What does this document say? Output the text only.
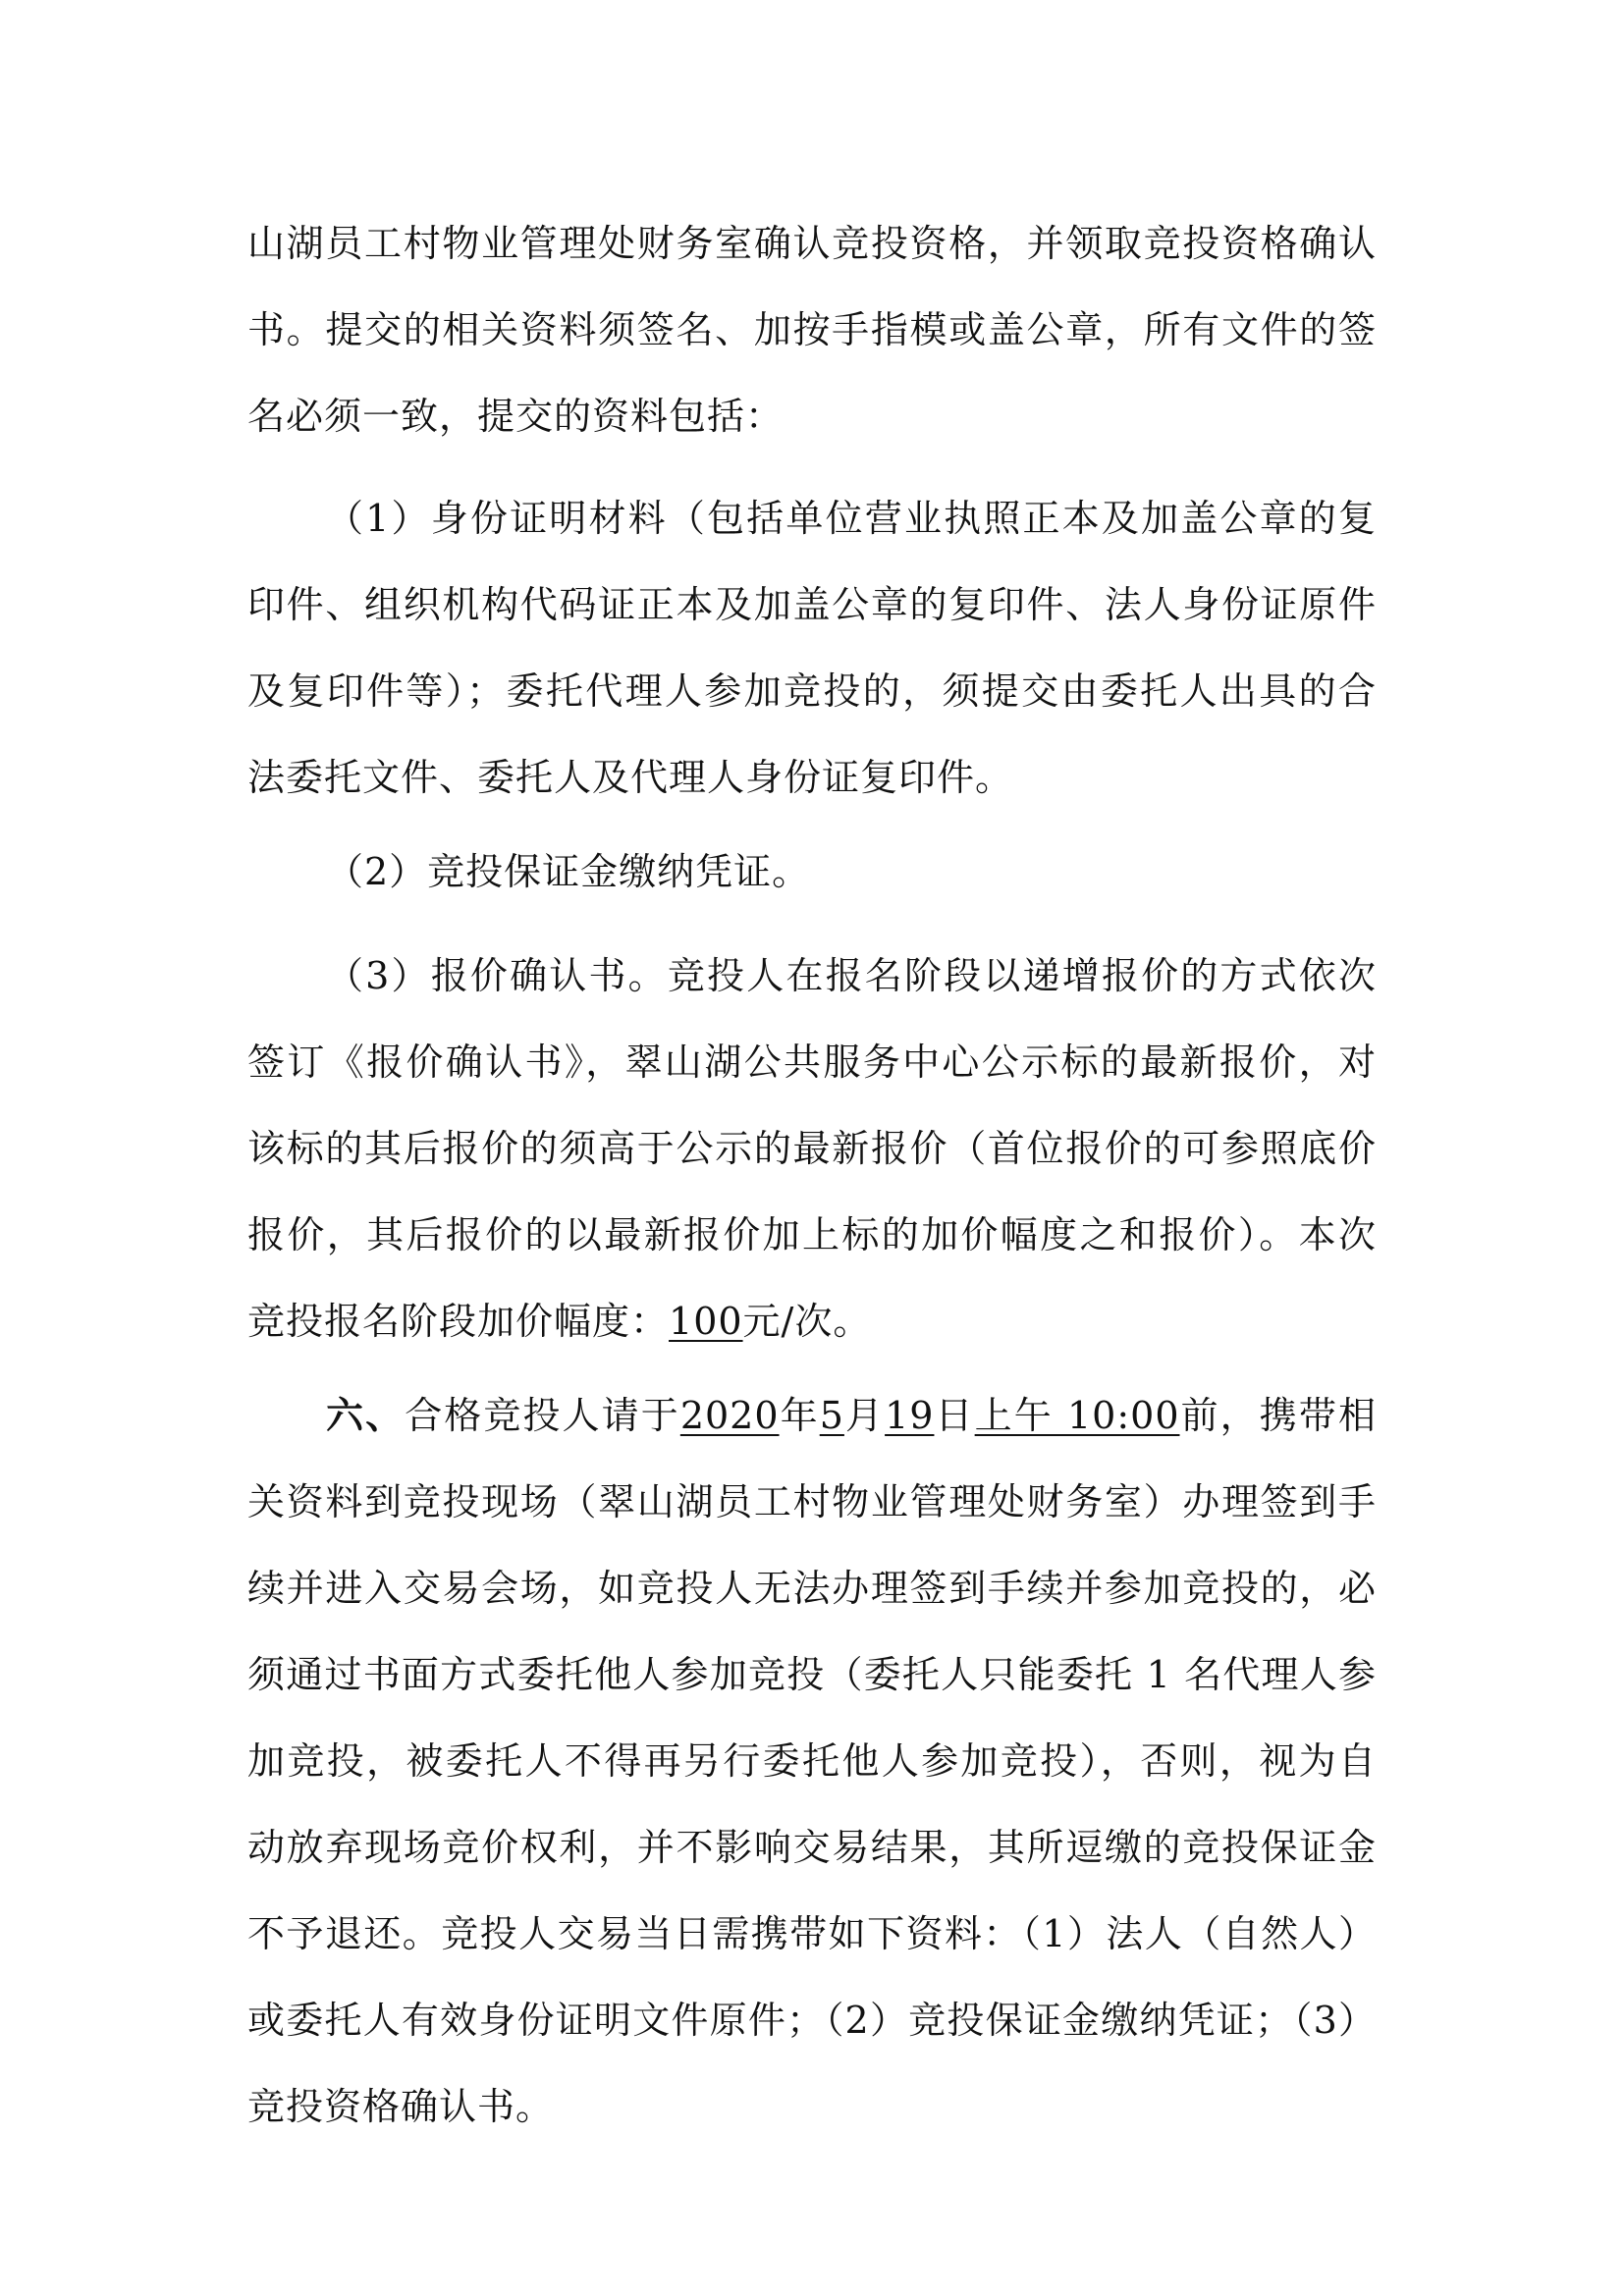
山湖员工村物业管理处财务室确认竞投资格，并领取竞投资格确认书。提交的相关资料须签名、加按手指模或盖公章，所有文件的签名必须一致，提交的资料包括：

（1）身份证明材料（包括单位营业执照正本及加盖公章的复印件、组织机构代码证正本及加盖公章的复印件、法人身份证原件及复印件等）；委托代理人参加竞投的，须提交由委托人出具的合法委托文件、委托人及代理人身份证复印件。

（2）竞投保证金缴纳凭证。

（3）报价确认书。竞投人在报名阶段以递增报价的方式依次签订《报价确认书》，翠山湖公共服务中心公示标的最新报价，对该标的其后报价的须高于公示的最新报价（首位报价的可参照底价报价，其后报价的以最新报价加上标的加价幅度之和报价）。本次竞投报名阶段加价幅度：100元/次。

六、合格竞投人请于2020年5月19日上午 10:00前，携带相关资料到竞投现场（翠山湖员工村物业管理处财务室）办理签到手续并进入交易会场，如竞投人无法办理签到手续并参加竞投的，必须通过书面方式委托他人参加竞投（委托人只能委托 1 名代理人参加竞投，被委托人不得再另行委托他人参加竞投），否则，视为自动放弃现场竞价权利，并不影响交易结果，其所逗缴的竞投保证金不予退还。竞投人交易当日需携带如下资料：（1）法人（自然人）或委托人有效身份证明文件原件；（2）竞投保证金缴纳凭证；（3）竞投资格确认书。
